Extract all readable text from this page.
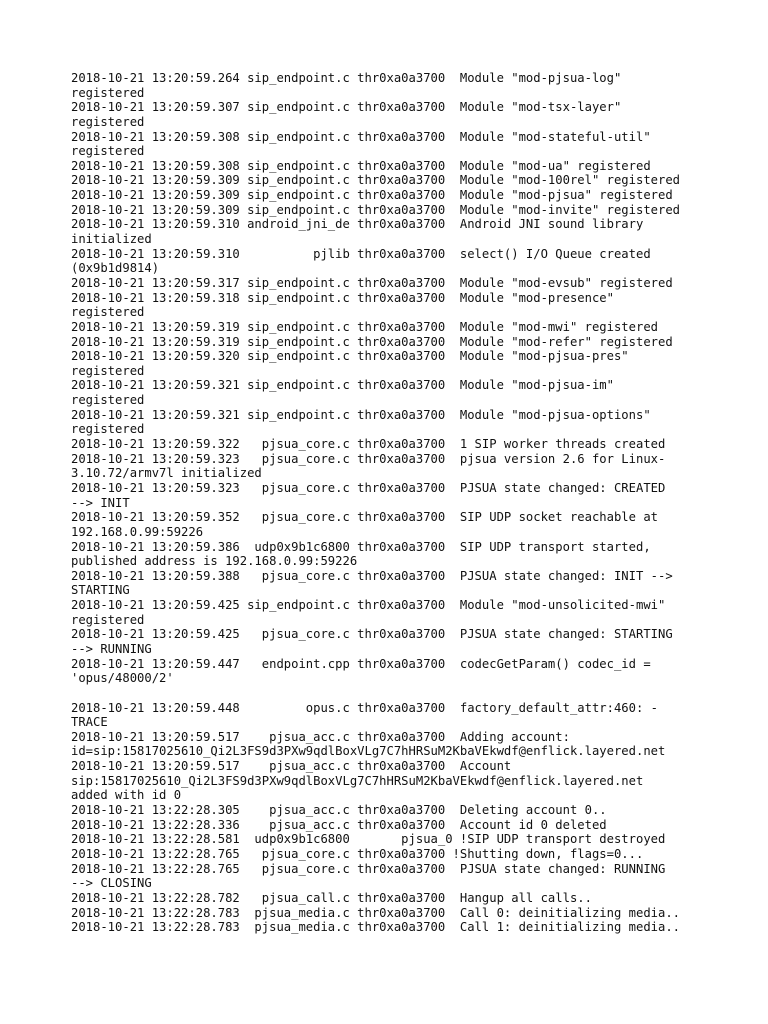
2018-10-21 13:20:59.264 sip_endpoint.c thr0xa0a3700  Module "mod-pjsua-log"
registered
2018-10-21 13:20:59.307 sip_endpoint.c thr0xa0a3700  Module "mod-tsx-layer"
registered
2018-10-21 13:20:59.308 sip_endpoint.c thr0xa0a3700  Module "mod-stateful-util"
registered
2018-10-21 13:20:59.308 sip_endpoint.c thr0xa0a3700  Module "mod-ua" registered
2018-10-21 13:20:59.309 sip_endpoint.c thr0xa0a3700  Module "mod-100rel" registered
2018-10-21 13:20:59.309 sip_endpoint.c thr0xa0a3700  Module "mod-pjsua" registered
2018-10-21 13:20:59.309 sip_endpoint.c thr0xa0a3700  Module "mod-invite" registered
2018-10-21 13:20:59.310 android_jni_de thr0xa0a3700  Android JNI sound library
initialized
2018-10-21 13:20:59.310          pjlib thr0xa0a3700  select() I/O Queue created
(0x9b1d9814)
2018-10-21 13:20:59.317 sip_endpoint.c thr0xa0a3700  Module "mod-evsub" registered
2018-10-21 13:20:59.318 sip_endpoint.c thr0xa0a3700  Module "mod-presence"
registered
2018-10-21 13:20:59.319 sip_endpoint.c thr0xa0a3700  Module "mod-mwi" registered
2018-10-21 13:20:59.319 sip_endpoint.c thr0xa0a3700  Module "mod-refer" registered
2018-10-21 13:20:59.320 sip_endpoint.c thr0xa0a3700  Module "mod-pjsua-pres"
registered
2018-10-21 13:20:59.321 sip_endpoint.c thr0xa0a3700  Module "mod-pjsua-im"
registered
2018-10-21 13:20:59.321 sip_endpoint.c thr0xa0a3700  Module "mod-pjsua-options"
registered
2018-10-21 13:20:59.322   pjsua_core.c thr0xa0a3700  1 SIP worker threads created
2018-10-21 13:20:59.323   pjsua_core.c thr0xa0a3700  pjsua version 2.6 for Linux-
3.10.72/armv7l initialized
2018-10-21 13:20:59.323   pjsua_core.c thr0xa0a3700  PJSUA state changed: CREATED
--> INIT
2018-10-21 13:20:59.352   pjsua_core.c thr0xa0a3700  SIP UDP socket reachable at
192.168.0.99:59226
2018-10-21 13:20:59.386  udp0x9b1c6800 thr0xa0a3700  SIP UDP transport started,
published address is 192.168.0.99:59226
2018-10-21 13:20:59.388   pjsua_core.c thr0xa0a3700  PJSUA state changed: INIT -->
STARTING
2018-10-21 13:20:59.425 sip_endpoint.c thr0xa0a3700  Module "mod-unsolicited-mwi"
registered
2018-10-21 13:20:59.425   pjsua_core.c thr0xa0a3700  PJSUA state changed: STARTING
--> RUNNING
2018-10-21 13:20:59.447   endpoint.cpp thr0xa0a3700  codecGetParam() codec_id =
'opus/48000/2'
2018-10-21 13:20:59.448         opus.c thr0xa0a3700  factory_default_attr:460: -
TRACE
2018-10-21 13:20:59.517    pjsua_acc.c thr0xa0a3700  Adding account:
id=sip:15817025610_Qi2L3FS9d3PXw9qdlBoxVLg7C7hHRSuM2KbaVEkwdf@enflick.layered.net
2018-10-21 13:20:59.517    pjsua_acc.c thr0xa0a3700  Account
sip:15817025610_Qi2L3FS9d3PXw9qdlBoxVLg7C7hHRSuM2KbaVEkwdf@enflick.layered.net
added with id 0
2018-10-21 13:22:28.305    pjsua_acc.c thr0xa0a3700  Deleting account 0..
2018-10-21 13:22:28.336    pjsua_acc.c thr0xa0a3700  Account id 0 deleted
2018-10-21 13:22:28.581  udp0x9b1c6800       pjsua_0 !SIP UDP transport destroyed
2018-10-21 13:22:28.765   pjsua_core.c thr0xa0a3700 !Shutting down, flags=0...
2018-10-21 13:22:28.765   pjsua_core.c thr0xa0a3700  PJSUA state changed: RUNNING
--> CLOSING
2018-10-21 13:22:28.782   pjsua_call.c thr0xa0a3700  Hangup all calls..
2018-10-21 13:22:28.783  pjsua_media.c thr0xa0a3700  Call 0: deinitializing media..
2018-10-21 13:22:28.783  pjsua_media.c thr0xa0a3700  Call 1: deinitializing media..
